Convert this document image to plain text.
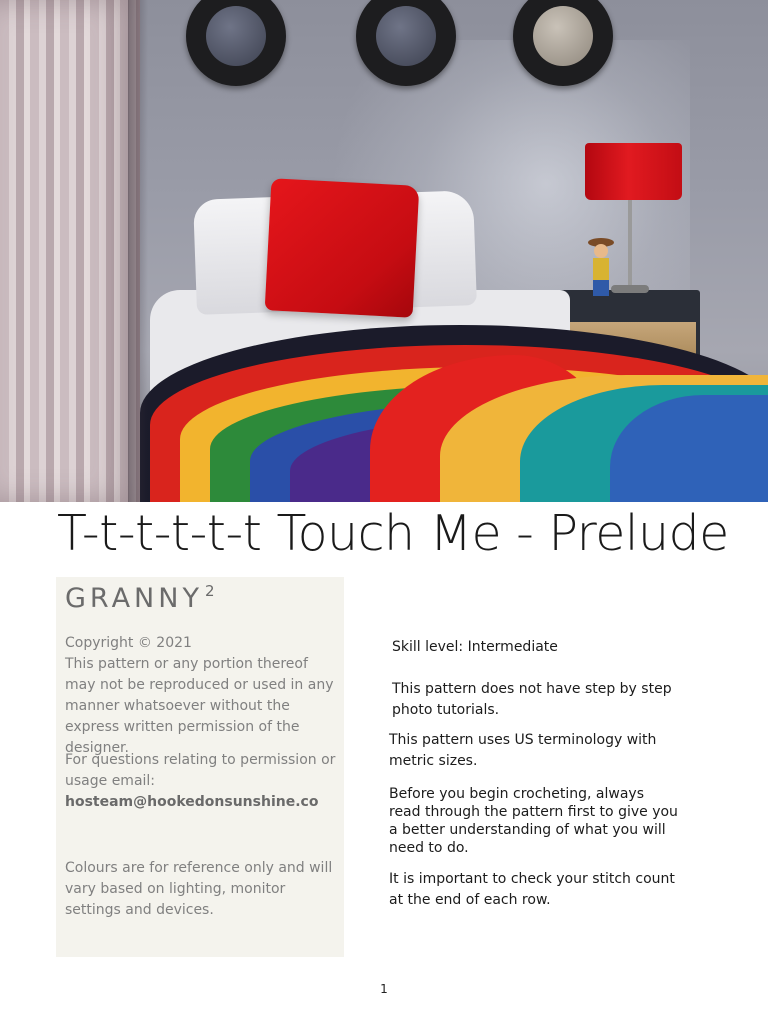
T-t-t-t-t-t Touch Me - Prelude
GRANNY $^2$

Copyright © 2021
This pattern or any portion thereof may not be reproduced or used in any manner whatsoever without the express written permission of the designer.

For questions relating to permission or usage email:
hosteam@hookedonsunshine.co

Colours are for reference only and will vary based on lighting, monitor settings and devices.

Skill level: Intermediate

This pattern does not have step by step photo tutorials.

This pattern uses US terminology with metric sizes.

Before you begin crocheting, always read through the pattern first to give you a better understanding of what you will need to do.

It is important to check your stitch count at the end of each row.

1
